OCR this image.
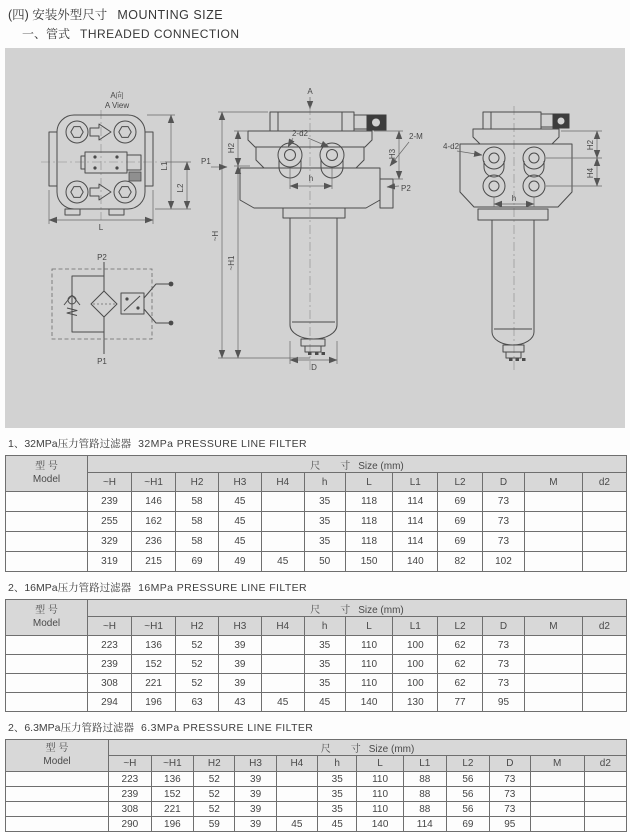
(四) 安装外型尺寸 MOUNTING SIZE
一、管式 THREADED CONNECTION
A向
A View
L
L1
L2
P2
P1
A
2-d2
h
D
~H
H2
~H1
P1
H3
2-M
P2
4-d2	H2
H4
h
1、32MPa压力管路过滤器 32MPa PRESSURE LINE FILTER
型 号
Model	尺　　寸 Size (mm)											
	~H	~H1	H2	H3	H4	h	L	L1	L2	D	M	d2
	239	146	58	45		35	118	114	69	73		
	255	162	58	45		35	118	114	69	73		
	329	236	58	45		35	118	114	69	73		
	319	215	69	49	45	50	150	140	82	102		
2、16MPa压力管路过滤器 16MPa PRESSURE LINE FILTER
型 号
Model	尺　　寸 Size (mm)											
	~H	~H1	H2	H3	H4	h	L	L1	L2	D	M	d2
	223	136	52	39		35	110	100	62	73		
	239	152	52	39		35	110	100	62	73		
	308	221	52	39		35	110	100	62	73		
	294	196	63	43	45	45	140	130	77	95		
2、6.3MPa压力管路过滤器 6.3MPa PRESSURE LINE FILTER
型 号
Model	尺　　寸 Size (mm)											
	~H	~H1	H2	H3	H4	h	L	L1	L2	D	M	d2
	223	136	52	39		35	110	88	56	73		
	239	152	52	39		35	110	88	56	73		
	308	221	52	39		35	110	88	56	73		
	290	196	59	39	45	45	140	114	69	95		
